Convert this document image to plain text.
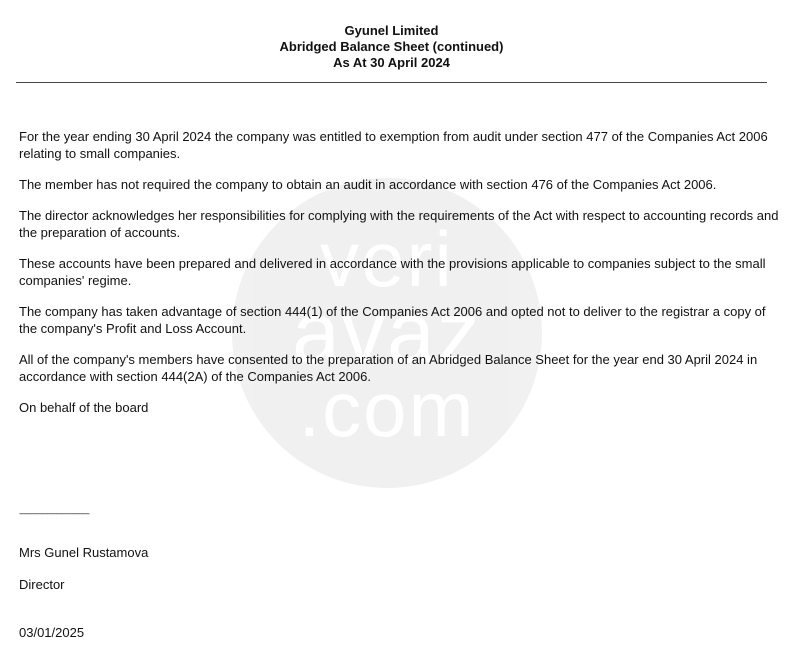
veri
avaz
.com
Gyunel Limited
Abridged Balance Sheet (continued)
As At 30 April 2024

For the year ending 30 April 2024 the company was entitled to exemption from audit under section 477 of the Companies Act 2006 relating to small companies.

The member has not required the company to obtain an audit in accordance with section 476 of the Companies Act 2006.

The director acknowledges her responsibilities for complying with the requirements of the Act with respect to accounting records and the preparation of accounts.

These accounts have been prepared and delivered in accordance with the provisions applicable to companies subject to the small companies' regime.

The company has taken advantage of section 444(1) of the Companies Act 2006 and opted not to deliver to the registrar a copy of the company's Profit and Loss Account.

All of the company's members have consented to the preparation of an Abridged Balance Sheet for the year end 30 April 2024 in accordance with section 444(2A) of the Companies Act 2006.

On behalf of the board

------------------------------------------
Mrs Gunel Rustamova
Director
03/01/2025
